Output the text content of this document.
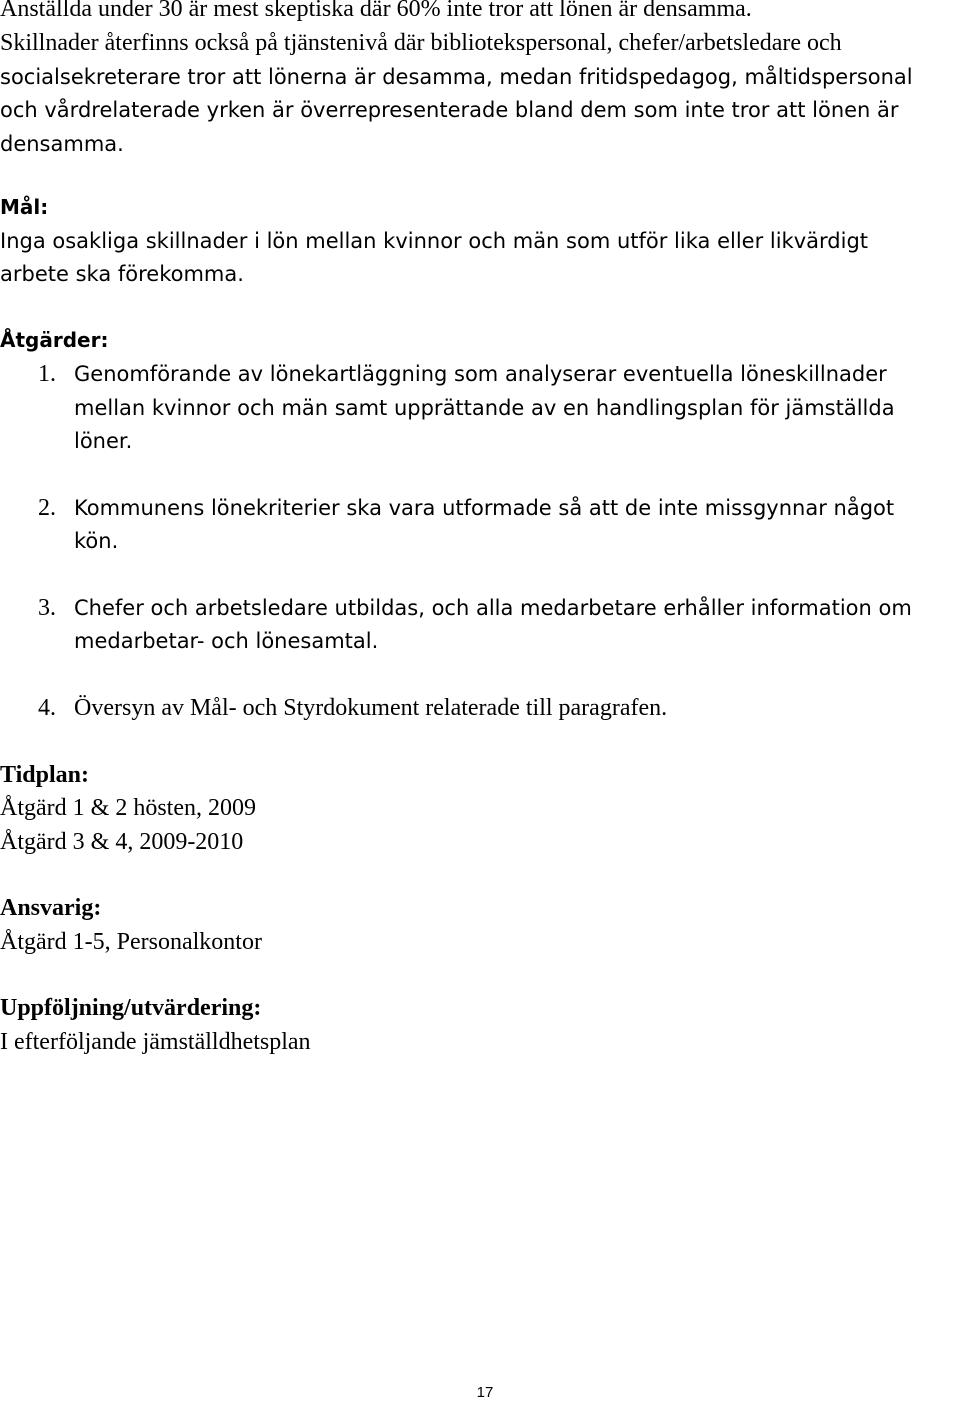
Anställda under 30 är mest skeptiska där 60% inte tror att lönen är densamma.
Skillnader återfinns också på tjänstenivå där bibliotekspersonal, chefer/arbetsledare och
socialsekreterare tror att lönerna är desamma, medan fritidspedagog, måltidspersonal
och vårdrelaterade yrken är överrepresenterade bland dem som inte tror att lönen är
densamma.
Mål:
Inga osakliga skillnader i lön mellan kvinnor och män som utför lika eller likvärdigt
arbete ska förekomma.
Åtgärder:
1. Genomförande av lönekartläggning som analyserar eventuella löneskillnader
mellan kvinnor och män samt upprättande av en handlingsplan för jämställda
löner.
2. Kommunens lönekriterier ska vara utformade så att de inte missgynnar något
kön.
3. Chefer och arbetsledare utbildas, och alla medarbetare erhåller information om
medarbetar- och lönesamtal.
4. Översyn av Mål- och Styrdokument relaterade till paragrafen.
Tidplan:
Åtgärd 1 & 2 hösten, 2009
Åtgärd 3 & 4, 2009-2010
Ansvarig:
Åtgärd 1-5, Personalkontor
Uppföljning/utvärdering:
I efterföljande jämställdhetsplan
17
